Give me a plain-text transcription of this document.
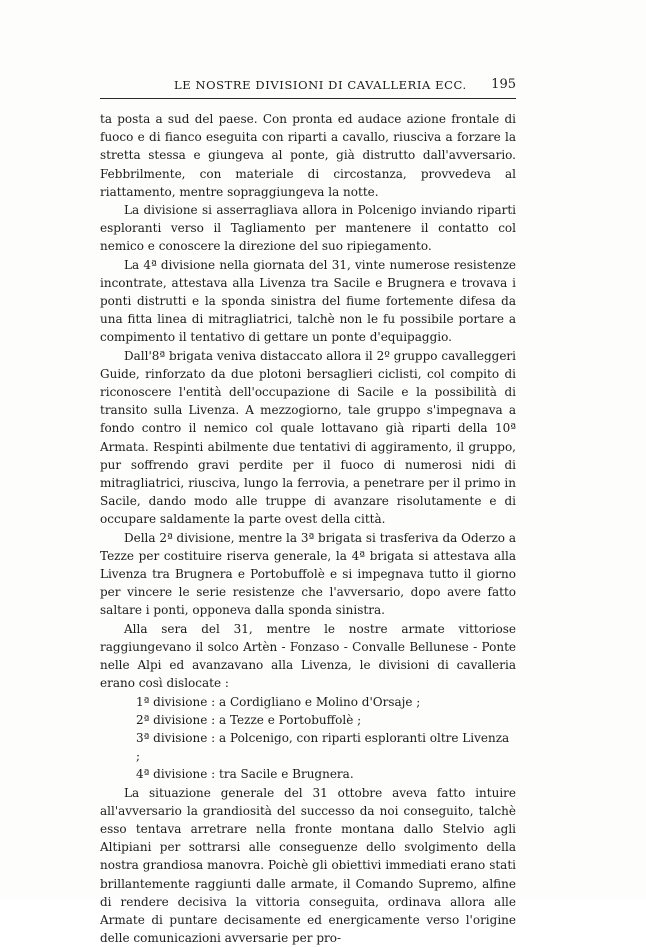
LE NOSTRE DIVISIONI DI CAVALLERIA ECC. 195

ta posta a sud del paese. Con pronta ed audace azione frontale di fuoco e di fianco eseguita con riparti a cavallo, riusciva a forzare la stretta stessa e giungeva al ponte, già distrutto dall'avversario. Febbrilmente, con materiale di circostanza, provvedeva al riattamento, mentre sopraggiungeva la notte.

La divisione si asserragliava allora in Polcenigo inviando riparti esploranti verso il Tagliamento per mantenere il contatto col nemico e conoscere la direzione del suo ripiegamento.

La 4ª divisione nella giornata del 31, vinte numerose resistenze incontrate, attestava alla Livenza tra Sacile e Brugnera e trovava i ponti distrutti e la sponda sinistra del fiume fortemente difesa da una fitta linea di mitragliatrici, talchè non le fu possibile portare a compimento il tentativo di gettare un ponte d'equipaggio.

Dall'8ª brigata veniva distaccato allora il 2º gruppo cavalleggeri Guide, rinforzato da due plotoni bersaglieri ciclisti, col compito di riconoscere l'entità dell'occupazione di Sacile e la possibilità di transito sulla Livenza. A mezzogiorno, tale gruppo s'impegnava a fondo contro il nemico col quale lottavano già riparti della 10ª Armata. Respinti abilmente due tentativi di aggiramento, il gruppo, pur soffrendo gravi perdite per il fuoco di numerosi nidi di mitragliatrici, riusciva, lungo la ferrovia, a penetrare per il primo in Sacile, dando modo alle truppe di avanzare risolutamente e di occupare saldamente la parte ovest della città.

Della 2ª divisione, mentre la 3ª brigata si trasferiva da Oderzo a Tezze per costituire riserva generale, la 4ª brigata si attestava alla Livenza tra Brugnera e Portobuffolè e si impegnava tutto il giorno per vincere le serie resistenze che l'avversario, dopo avere fatto saltare i ponti, opponeva dalla sponda sinistra.

Alla sera del 31, mentre le nostre armate vittoriose raggiungevano il solco Artèn - Fonzaso - Convalle Bellunese - Ponte nelle Alpi ed avanzavano alla Livenza, le divisioni di cavalleria erano così dislocate :

1ª divisione : a Cordigliano e Molino d'Orsaje ;
2ª divisione : a Tezze e Portobuffolè ;
3ª divisione : a Polcenigo, con riparti esploranti oltre Livenza ;
4ª divisione : tra Sacile e Brugnera.

La situazione generale del 31 ottobre aveva fatto intuire all'avversario la grandiosità del successo da noi conseguito, talchè esso tentava arretrare nella fronte montana dallo Stelvio agli Altipiani per sottrarsi alle conseguenze dello svolgimento della nostra grandiosa manovra. Poichè gli obiettivi immediati erano stati brillantemente raggiunti dalle armate, il Comando Supremo, alfine di rendere decisiva la vittoria conseguita, ordinava allora alle Armate di puntare decisamente ed energicamente verso l'origine delle comunicazioni avversarie per pro-
